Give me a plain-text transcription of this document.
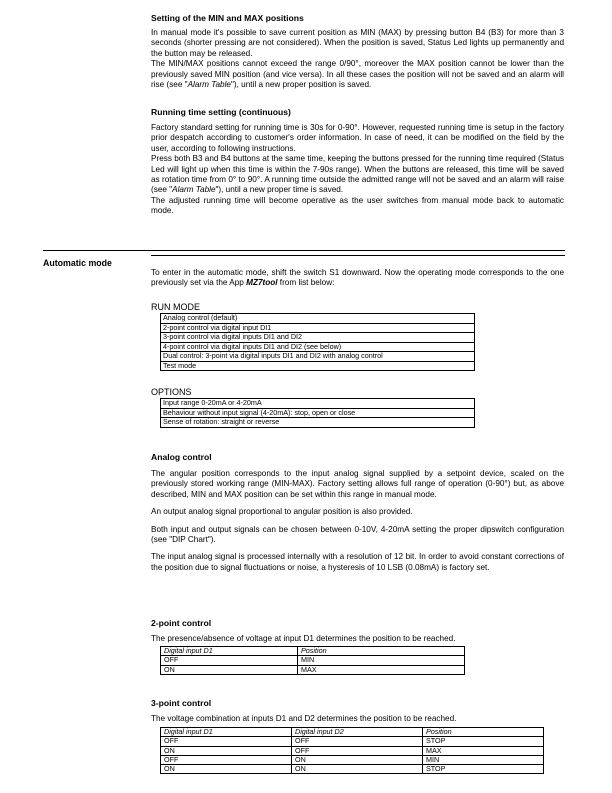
Setting of the MIN and MAX positions

In manual mode it's possible to save current position as MIN (MAX) by pressing button B4 (B3) for more than 3 seconds (shorter pressing are not considered). When the position is saved, Status Led lights up permanently and the button may be released.

The MIN/MAX positions cannot exceed the range 0/90°, moreover the MAX position cannot be lower than the previously saved MIN position (and vice versa). In all these cases the position will not be saved and an alarm will rise (see "Alarm Table"), until a new proper position is saved.

Running time setting (continuous)

Factory standard setting for running time is 30s for 0-90°. However, requested running time is setup in the factory prior despatch according to customer's order information. In case of need, it can be modified on the field by the user, according to following instructions.

Press both B3 and B4 buttons at the same time, keeping the buttons pressed for the running time required (Status Led will light up when this time is within the 7-90s range). When the buttons are released, this time will be saved as rotation time from 0° to 90°. A running time outside the admitted range will not be saved and an alarm will raise (see "Alarm Table"), until a new proper time is saved.

The adjusted running time will become operative as the user switches from manual mode back to automatic mode.

Automatic mode

To enter in the automatic mode, shift the switch S1 downward. Now the operating mode corresponds to the one previously set via the App MZ7tool from list below:

RUN MODE
Analog control (default)
2-point control via digital input DI1
3-point control via digital inputs DI1 and DI2
4-point control via digital inputs DI1 and DI2 (see below)
Dual control: 3-point via digital inputs DI1 and DI2 with analog control
Test mode
OPTIONS
Input range 0-20mA or 4-20mA
Behaviour without input signal (4-20mA): stop, open or close
Sense of rotation: straight or reverse
Analog control

The angular position corresponds to the input analog signal supplied by a setpoint device, scaled on the previously stored working range (MIN-MAX). Factory setting allows full range of operation (0-90°) but, as above described, MIN and MAX position can be set within this range in manual mode.

An output analog signal proportional to angular position is also provided.

Both input and output signals can be chosen between 0-10V, 4-20mA setting the proper dipswitch configuration (see "DIP Chart").

The input analog signal is processed internally with a resolution of 12 bit. In order to avoid constant corrections of the position due to signal fluctuations or noise, a hysteresis of 10 LSB (0.08mA) is factory set.

2-point control

The presence/absence of voltage at input D1 determines the position to be reached.

Digital input D1	Position
OFF	MIN
ON	MAX
3-point control

The voltage combination at inputs D1 and D2 determines the position to be reached.

Digital input D1	Digital input D2	Position
OFF	OFF	STOP
ON	OFF	MAX
OFF	ON	MIN
ON	ON	STOP
